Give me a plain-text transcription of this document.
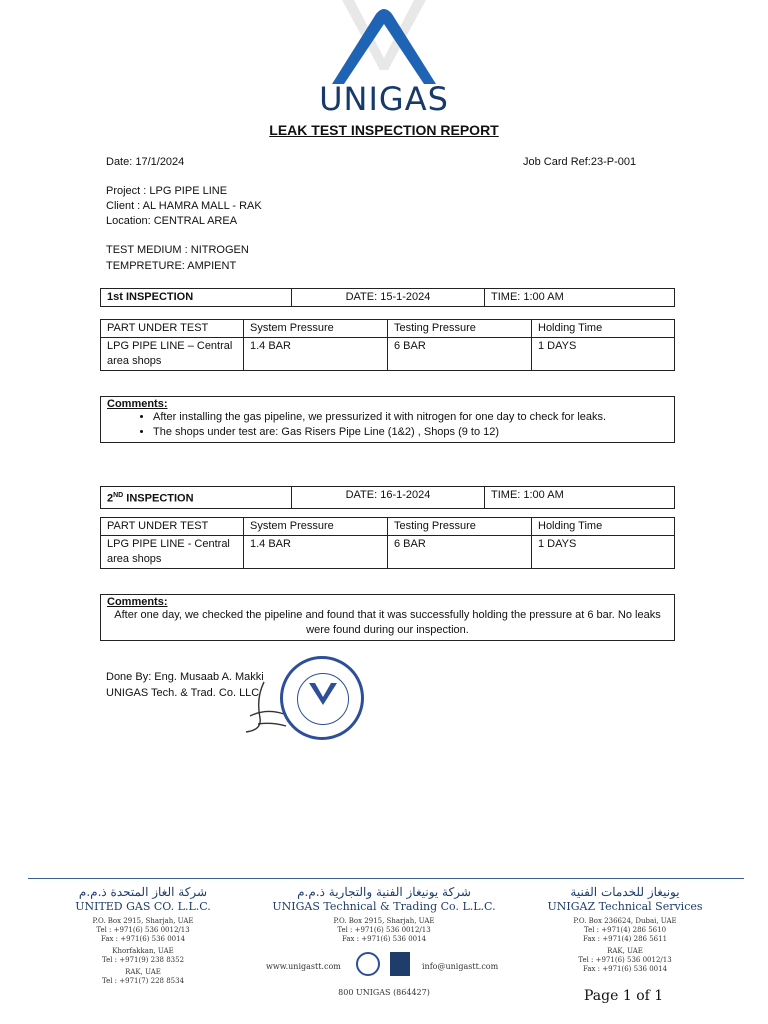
UNIGAS
LEAK TEST INSPECTION REPORT
Date: 17/1/2024	Job Card Ref:23-P-001
Project : LPG PIPE LINE
Client : AL HAMRA MALL - RAK
Location: CENTRAL AREA
TEST MEDIUM : NITROGEN
TEMPRETURE: AMPIENT
1st INSPECTION	DATE: 15-1-2024	TIME: 1:00 AM
PART UNDER TEST	System Pressure	Testing Pressure	Holding Time
LPG PIPE LINE – Central area shops	1.4 BAR	6 BAR	1 DAYS
Comments:
• After installing the gas pipeline, we pressurized it with nitrogen for one day to check for leaks.
• The shops under test are: Gas Risers Pipe Line (1&2) , Shops (9 to 12)
2ND INSPECTION	DATE: 16-1-2024	TIME: 1:00 AM
PART UNDER TEST	System Pressure	Testing Pressure	Holding Time
LPG PIPE LINE - Central area shops	1.4 BAR	6 BAR	1 DAYS
Comments:
After one day, we checked the pipeline and found that it was successfully holding the pressure at 6 bar. No leaks were found during our inspection.
Done By: Eng. Musaab A. Makki
UNIGAS Tech. & Trad. Co. LLC
شركة الغاز المتحدة ذ.م.م
UNITED GAS CO. L.L.C.
P.O. Box 2915, Sharjah, UAE
Tel : +971(6) 536 0012/13
Fax : +971(6) 536 0014
Khorfakkan, UAE
Tel : +971(9) 238 8352
RAK, UAE
Tel : +971(7) 228 8534
شركة يونيغاز الفنية والتجارية ذ.م.م
UNIGAS Technical & Trading Co. L.L.C.
P.O. Box 2915, Sharjah, UAE
Tel : +971(6) 536 0012/13
Fax : +971(6) 536 0014
www.unigastt.com	info@unigastt.com
800 UNIGAS (864427)
يونيغاز للخدمات الفنية
UNIGAZ Technical Services
P.O. Box 236624, Dubai, UAE
Tel : +971(4) 286 5610
Fax : +971(4) 286 5611
RAK, UAE
Tel : +971(6) 536 0012/13
Fax : +971(6) 536 0014
Page 1 of 1
